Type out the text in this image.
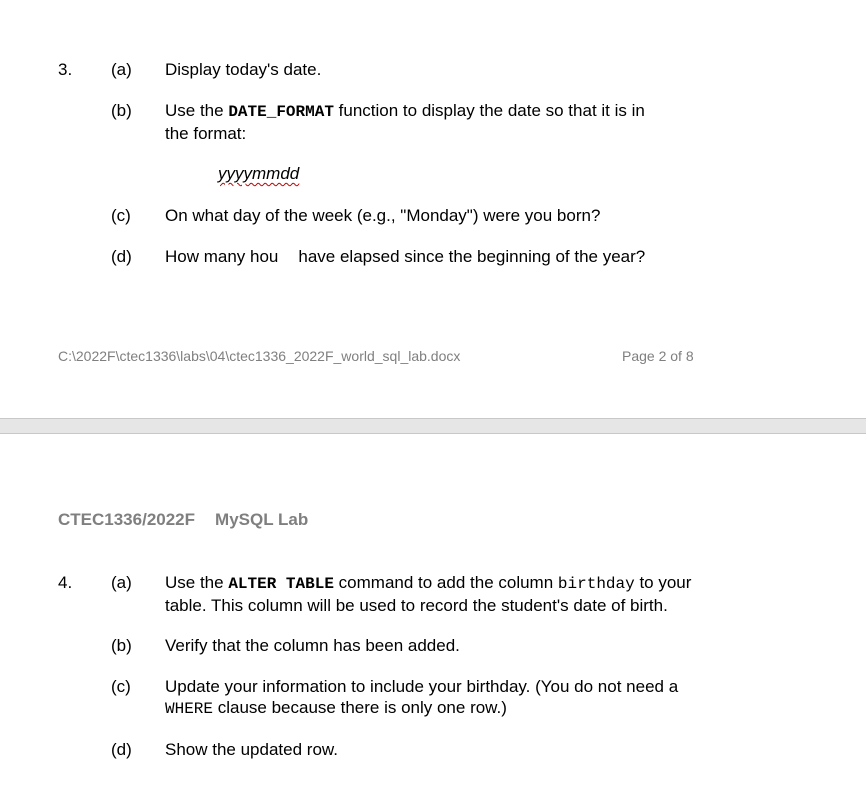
3. (a) Display today's date.
(b) Use the DATE_FORMAT function to display the date so that it is in
the format:
yyyymmdd
(c) On what day of the week (e.g., "Monday") were you born?
(d) How many hou have elapsed since the beginning of the year?
C:\2022F\ctec1336\labs\04\ctec1336_2022F_world_sql_lab.docx	Page 2 of 8
CTEC1336/2022F MySQL Lab
4. (a) Use the ALTER TABLE command to add the column birthday to your
table. This column will be used to record the student's date of birth.
(b) Verify that the column has been added.
(c) Update your information to include your birthday. (You do not need a
WHERE clause because there is only one row.)
(d) Show the updated row.
